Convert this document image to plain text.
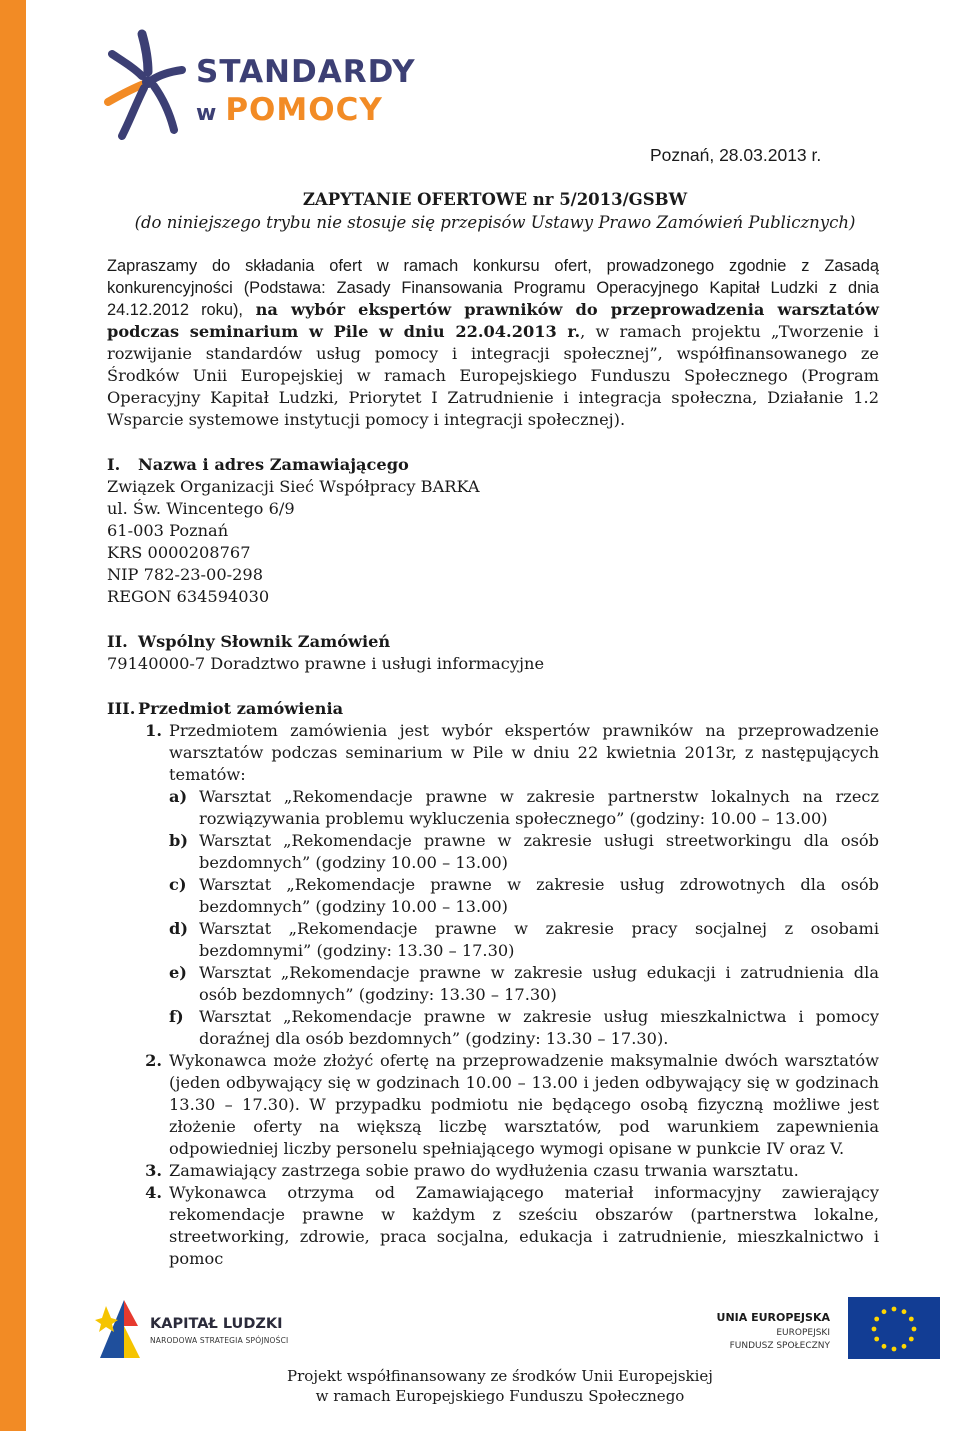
STANDARDY
w POMOCY
Poznań, 28.03.2013 r.
ZAPYTANIE OFERTOWE nr 5/2013/GSBW
(do niniejszego trybu nie stosuje się przepisów Ustawy Prawo Zamówień Publicznych)

Zapraszamy do składania ofert w ramach konkursu ofert, prowadzonego zgodnie z Zasadą konkurencyjności (Podstawa: Zasady Finansowania Programu Operacyjnego Kapitał Ludzki z dnia 24.12.2012 roku), na wybór ekspertów prawników do przeprowadzenia warsztatów podczas seminarium w Pile w dniu 22.04.2013 r., w ramach projektu „Tworzenie i rozwijanie standardów usług pomocy i integracji społecznej”, współfinansowanego ze Środków Unii Europejskiej w ramach Europejskiego Funduszu Społecznego (Program Operacyjny Kapitał Ludzki, Priorytet I Zatrudnienie i integracja społeczna, Działanie 1.2 Wsparcie systemowe instytucji pomocy i integracji społecznej).

I.	Nazwa i adres Zamawiającego
Związek Organizacji Sieć Współpracy BARKA
ul. Św. Wincentego 6/9
61-003 Poznań
KRS 0000208767
NIP 782-23-00-298
REGON 634594030
II. Wspólny Słownik Zamówień
79140000-7 Doradztwo prawne i usługi informacyjne
III. Przedmiot zamówienia
1. Przedmiotem zamówienia jest wybór ekspertów prawników na przeprowadzenie warsztatów podczas seminarium w Pile w dniu 22 kwietnia 2013r, z następujących tematów:
a) Warsztat „Rekomendacje prawne w zakresie partnerstw lokalnych na rzecz rozwiązywania problemu wykluczenia społecznego” (godziny: 10.00 – 13.00)
b) Warsztat „Rekomendacje prawne w zakresie usługi streetworkingu dla osób bezdomnych” (godziny 10.00 – 13.00)
c) Warsztat „Rekomendacje prawne w zakresie usług zdrowotnych dla osób bezdomnych” (godziny 10.00 – 13.00)
d) Warsztat „Rekomendacje prawne w zakresie pracy socjalnej z osobami bezdomnymi” (godziny: 13.30 – 17.30)
e) Warsztat „Rekomendacje prawne w zakresie usług edukacji i zatrudnienia dla osób bezdomnych” (godziny: 13.30 – 17.30)
f) Warsztat „Rekomendacje prawne w zakresie usług mieszkalnictwa i pomocy doraźnej dla osób bezdomnych” (godziny: 13.30 – 17.30).
2. Wykonawca może złożyć ofertę na przeprowadzenie maksymalnie dwóch warsztatów (jeden odbywający się w godzinach 10.00 – 13.00 i jeden odbywający się w godzinach 13.30 – 17.30). W przypadku podmiotu nie będącego osobą fizyczną możliwe jest złożenie oferty na większą liczbę warsztatów, pod warunkiem zapewnienia odpowiedniej liczby personelu spełniającego wymogi opisane w punkcie IV oraz V.
3. Zamawiający zastrzega sobie prawo do wydłużenia czasu trwania warsztatu.
4. Wykonawca otrzyma od Zamawiającego materiał informacyjny zawierający rekomendacje prawne w każdym z sześciu obszarów (partnerstwa lokalne, streetworking, zdrowie, praca socjalna, edukacja i zatrudnienie, mieszkalnictwo i pomoc
KAPITAŁ LUDZKI
NARODOWA STRATEGIA SPÓJNOŚCI
UNIA EUROPEJSKA
EUROPEJSKI
FUNDUSZ SPOŁECZNY
Projekt współfinansowany ze środków Unii Europejskiej
w ramach Europejskiego Funduszu Społecznego
